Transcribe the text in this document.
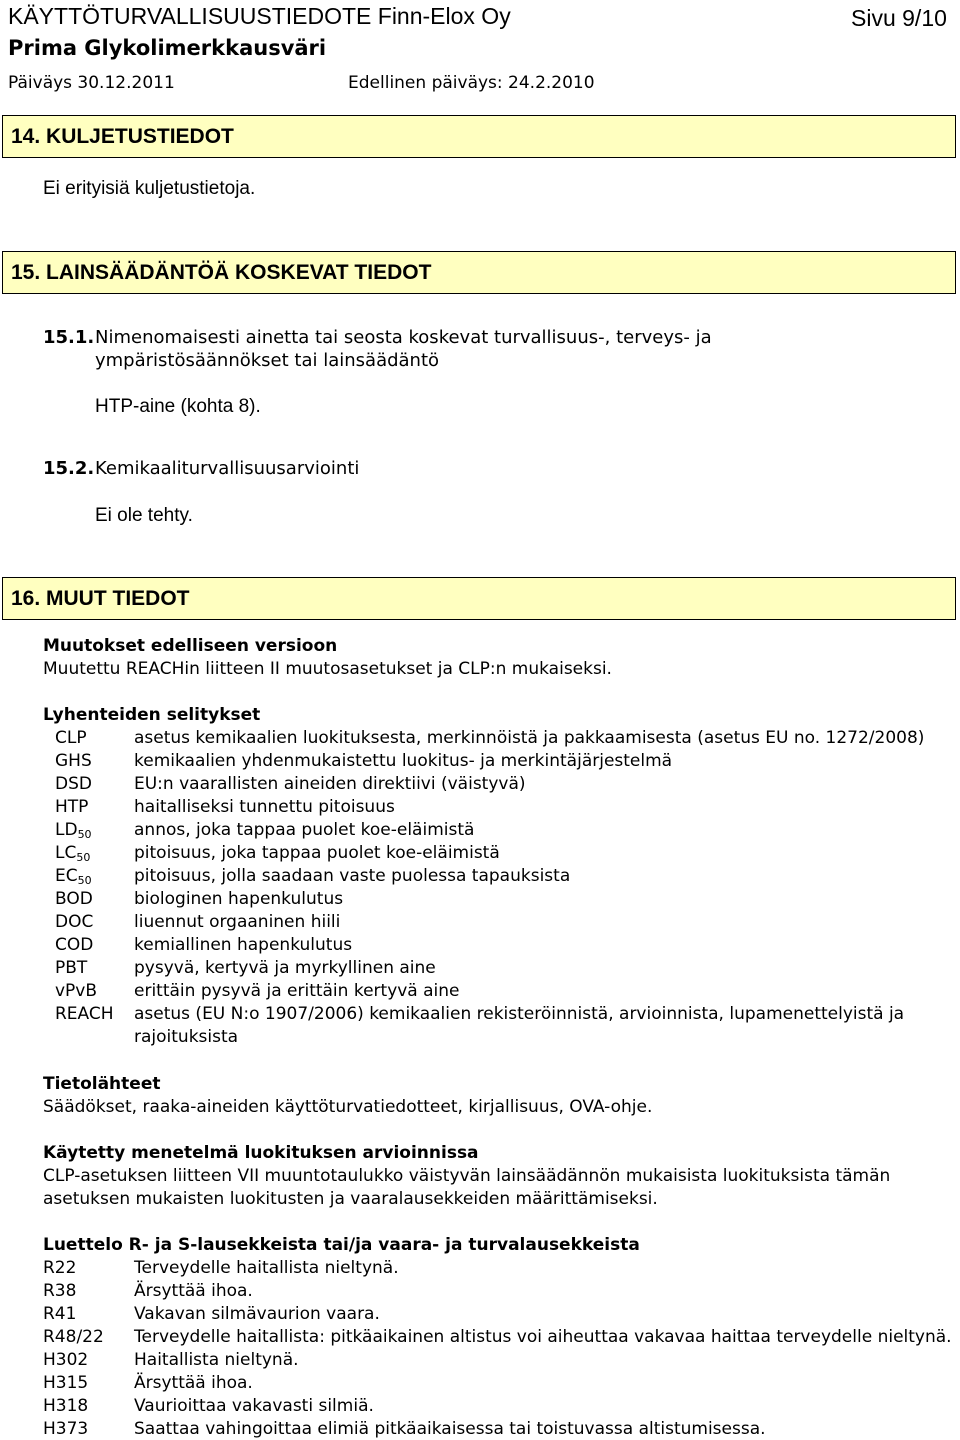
KÄYTTÖTURVALLISUUSTIEDOTE Finn-Elox Oy	Sivu 9/10
Prima Glykolimerkkausväri
Päiväys 30.12.2011	Edellinen päiväys: 24.2.2010
14. KULJETUSTIEDOT
Ei erityisiä kuljetustietoja.
15. LAINSÄÄDÄNTÖÄ KOSKEVAT TIEDOT
15.1. Nimenomaisesti ainetta tai seosta koskevat turvallisuus-, terveys- ja
ympäristösäännökset tai lainsäädäntö
HTP-aine (kohta 8).
15.2. Kemikaaliturvallisuusarviointi
Ei ole tehty.
16. MUUT TIEDOT
Muutokset edelliseen versioon
Muutettu REACHin liitteen II muutosasetukset ja CLP:n mukaiseksi.
Lyhenteiden selitykset
CLP	asetus kemikaalien luokituksesta, merkinnöistä ja pakkaamisesta (asetus EU no. 1272/2008)
GHS kemikaalien yhdenmukaistettu luokitus- ja merkintäjärjestelmä
DSD EU:n vaarallisten aineiden direktiivi (väistyvä)
HTP	haitalliseksi tunnettu pitoisuus
$LD_{50}$ annos, joka tappaa puolet koe-eläimistä
$LC_{50}$	pitoisuus, joka tappaa puolet koe-eläimistä
$EC_{50}$ pitoisuus, jolla saadaan vaste puolessa tapauksista
BOD biologinen hapenkulutus
DOC liuennut orgaaninen hiili
COD kemiallinen hapenkulutus
PBT	pysyvä, kertyvä ja myrkyllinen aine
vPvB erittäin pysyvä ja erittäin kertyvä aine
REACH asetus (EU N:o 1907/2006) kemikaalien rekisteröinnistä, arvioinnista, lupamenettelyistä ja
rajoituksista
Tietolähteet
Säädökset, raaka-aineiden käyttöturvatiedotteet, kirjallisuus, OVA-ohje.
Käytetty menetelmä luokituksen arvioinnissa
CLP-asetuksen liitteen VII muuntotaulukko väistyvän lainsäädännön mukaisista luokituksista tämän
asetuksen mukaisten luokitusten ja vaaralausekkeiden määrittämiseksi.
Luettelo R- ja S-lausekkeista tai/ja vaara- ja turvalausekkeista
R22	Terveydelle haitallista nieltynä.
R38	Ärsyttää ihoa.
R41	Vakavan silmävaurion vaara.
R48/22 Terveydelle haitallista: pitkäaikainen altistus voi aiheuttaa vakavaa haittaa terveydelle nieltynä.
H302	Haitallista nieltynä.
H315	Ärsyttää ihoa.
H318	Vaurioittaa vakavasti silmiä.
H373	Saattaa vahingoittaa elimiä pitkäaikaisessa tai toistuvassa altistumisessa.
